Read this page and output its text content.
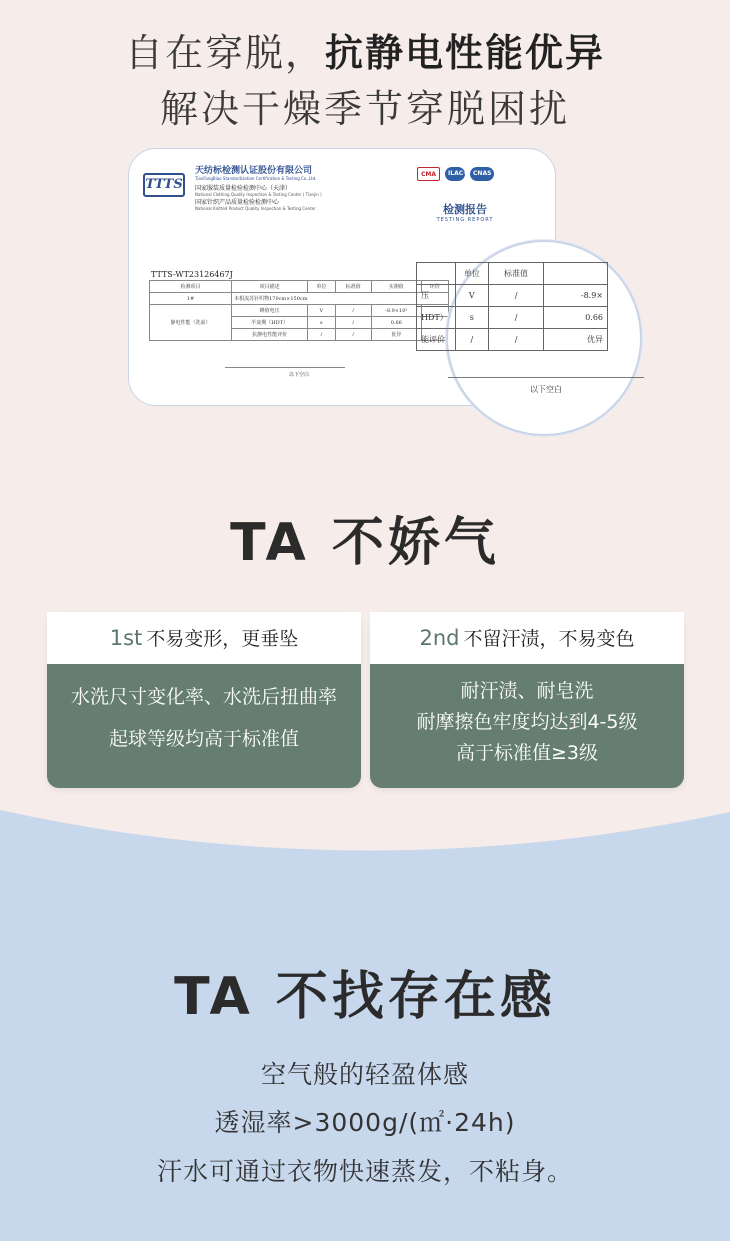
自在穿脱，抗静电性能优异
解决干燥季节穿脱困扰
TTTS
天纺标检测认证股份有限公司
TianFangBiao Standardization Certification & Testing Co.,Ltd.
国家服装质量检验检测中心（天津）
National Clothing Quality Inspection & Testing Center ( Tianjin )
国家针织产品质量检验检测中心
National Knitted Product Quality Inspection & Testing Center
CMA	ILAC-MRA
CNAS
检测报告
TESTING REPORT
TTTS-WT23126467J
检测项目	项目描述	单位	标准值	实测值	评价
1#	本根流苏针织物170cm×150cm				
静电性能（洗前）	峰值电压	V	/	-8.9×10²	
	半衰期（HDT）	s	/	0.66	
	抗静电性能评价	/	/	优异	
以下空白
	单位	标准值	
压	V	/	-8.9×
HDT）	s	/	0.66
能评价	/	/	优异
以下空白
TA 不娇气
1st 不易变形，更垂坠
水洗尺寸变化率、水洗后扭曲率
起球等级均高于标准值
2nd 不留汗渍，不易变色
耐汗渍、耐皂洗
耐摩擦色牢度均达到4-5级
高于标准值≥3级
TA 不找存在感
空气般的轻盈体感
透湿率>3000g/(㎡·24h)
汗水可通过衣物快速蒸发，不粘身。
